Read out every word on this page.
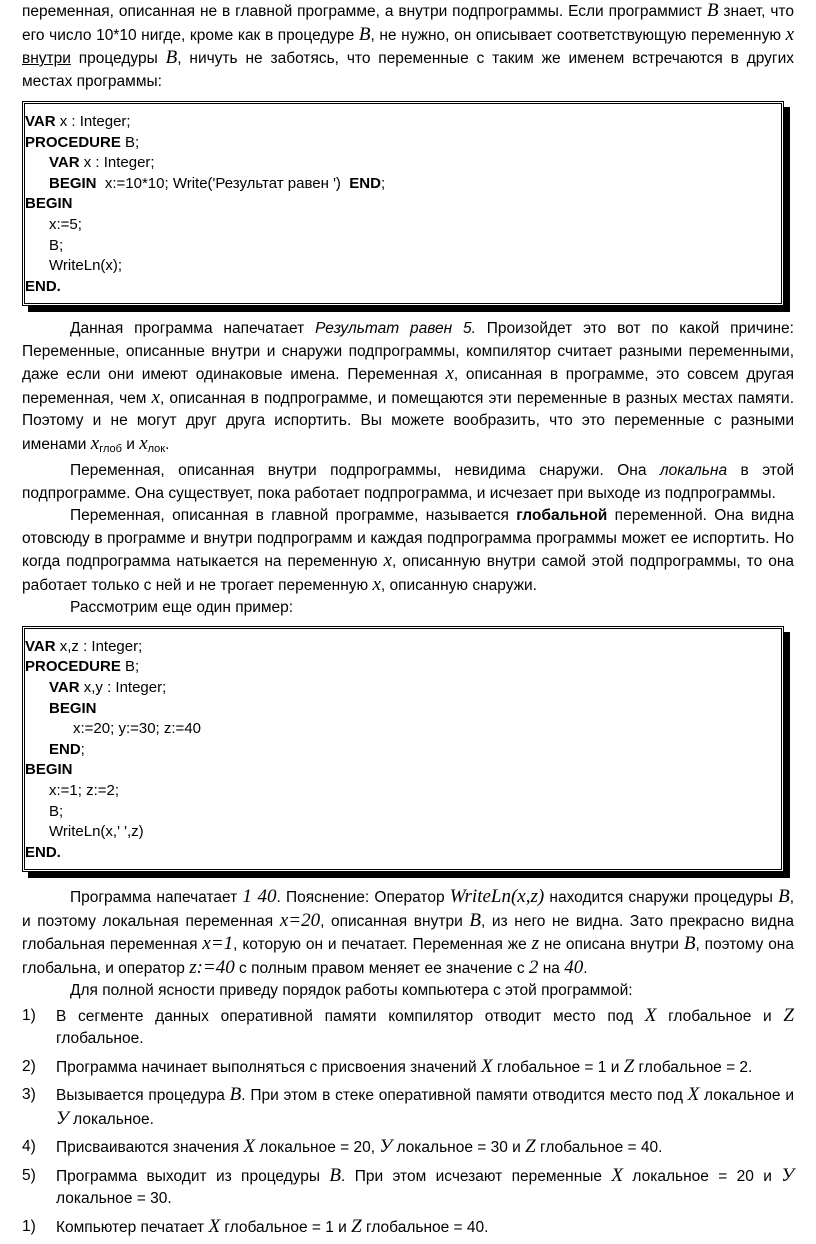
переменная, описанная не в главной программе, а внутри подпрограммы. Если программист B знает, что его число 10*10 нигде, кроме как в процедуре B, не нужно, он описывает соответствующую переменную x внутри процедуры B, ничуть не заботясь, что переменные с таким же именем встречаются в других местах программы:

VAR x : Integer;
PROCEDURE B;
VAR x : Integer;
BEGIN  x:=10*10; Write('Результат равен ')  END;
BEGIN
x:=5;
B;
WriteLn(x);
END.

Данная программа напечатает Результат равен 5. Произойдет это вот по какой причине: Переменные, описанные внутри и снаружи подпрограммы, компилятор считает разными переменными, даже если они имеют одинаковые имена. Переменная x, описанная в программе, это совсем другая переменная, чем x, описанная в подпрограмме, и помещаются эти переменные в разных местах памяти. Поэтому и не могут друг друга испортить. Вы можете вообразить, что это переменные с разными именами $x_{глоб}$ и $x_{лок}$.

Переменная, описанная внутри подпрограммы, невидима снаружи. Она локальна в этой подпрограмме. Она существует, пока работает подпрограмма, и исчезает при выходе из подпрограммы.

Переменная, описанная в главной программе, называется глобальной переменной. Она видна отовсюду в программе и внутри подпрограмм и каждая подпрограмма программы может ее испортить. Но когда подпрограмма натыкается на переменную x, описанную внутри самой этой подпрограммы, то она работает только с ней и не трогает переменную x, описанную снаружи.

Рассмотрим еще один пример:

VAR x,z : Integer;
PROCEDURE B;
VAR x,y : Integer;
BEGIN
x:=20; y:=30; z:=40
END;
BEGIN
x:=1; z:=2;
B;
WriteLn(x,' ',z)
END.

Программа напечатает 1 40. Пояснение: Оператор WriteLn(x,z) находится снаружи процедуры B, и поэтому локальная переменная x=20, описанная внутри B, из него не видна. Зато прекрасно видна глобальная переменная x=1, которую он и печатает. Переменная же z не описана внутри B, поэтому она глобальна, и оператор z:=40 с полным правом меняет ее значение с 2 на 40.

Для полной ясности приведу порядок работы компьютера с этой программой:

1) В сегменте данных оперативной памяти компилятор отводит место под X глобальное и Z глобальное.
2) Программа начинает выполняться с присвоения значений X глобальное = 1 и Z глобальное = 2.
3) Вызывается процедура B. При этом в стеке оперативной памяти отводится место под X локальное и У локальное.
4) Присваиваются значения X локальное = 20, У локальное = 30 и Z глобальное = 40.
5) Программа выходит из процедуры B. При этом исчезают переменные X локальное = 20 и У локальное = 30.
1) Компьютер печатает X глобальное = 1 и Z глобальное = 40.
